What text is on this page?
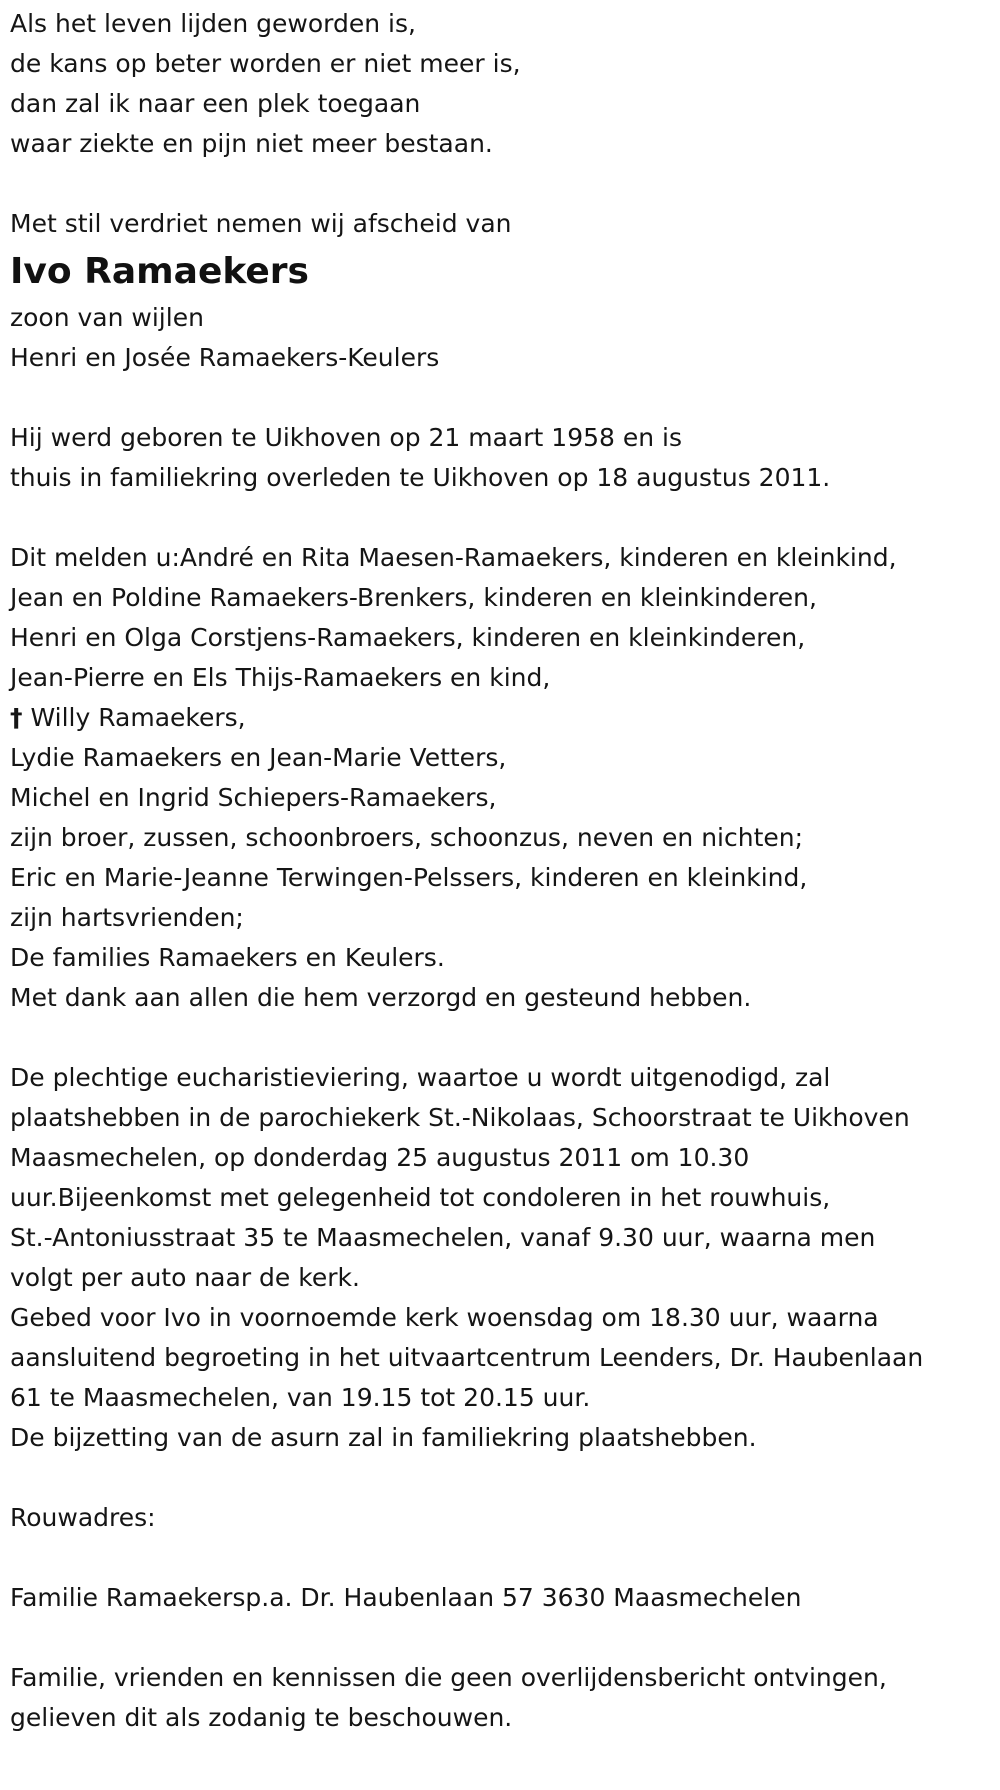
Als het leven lijden geworden is,
de kans op beter worden er niet meer is,
dan zal ik naar een plek toegaan
waar ziekte en pijn niet meer bestaan.
Met stil verdriet nemen wij afscheid van
Ivo Ramaekers
zoon van wijlen
Henri en Josée Ramaekers-Keulers
Hij werd geboren te Uikhoven op 21 maart 1958 en is
thuis in familiekring overleden te Uikhoven op 18 augustus 2011.
Dit melden u:André en Rita Maesen-Ramaekers, kinderen en kleinkind,
Jean en Poldine Ramaekers-Brenkers, kinderen en kleinkinderen,
Henri en Olga Corstjens-Ramaekers, kinderen en kleinkinderen,
Jean-Pierre en Els Thijs-Ramaekers en kind,
† Willy Ramaekers,
Lydie Ramaekers en Jean-Marie Vetters,
Michel en Ingrid Schiepers-Ramaekers,
zijn broer, zussen, schoonbroers, schoonzus, neven en nichten;
Eric en Marie-Jeanne Terwingen-Pelssers, kinderen en kleinkind,
zijn hartsvrienden;
De families Ramaekers en Keulers.
Met dank aan allen die hem verzorgd en gesteund hebben.
De plechtige eucharistieviering, waartoe u wordt uitgenodigd, zal
plaatshebben in de parochiekerk St.-Nikolaas, Schoorstraat te Uikhoven
Maasmechelen, op donderdag 25 augustus 2011 om 10.30
uur.Bijeenkomst met gelegenheid tot condoleren in het rouwhuis,
St.-Antoniusstraat 35 te Maasmechelen, vanaf 9.30 uur, waarna men
volgt per auto naar de kerk.
Gebed voor Ivo in voornoemde kerk woensdag om 18.30 uur, waarna
aansluitend begroeting in het uitvaartcentrum Leenders, Dr. Haubenlaan
61 te Maasmechelen, van 19.15 tot 20.15 uur.
De bijzetting van de asurn zal in familiekring plaatshebben.
Rouwadres:
Familie Ramaekersp.a. Dr. Haubenlaan 57 3630 Maasmechelen
Familie, vrienden en kennissen die geen overlijdensbericht ontvingen,
gelieven dit als zodanig te beschouwen.
